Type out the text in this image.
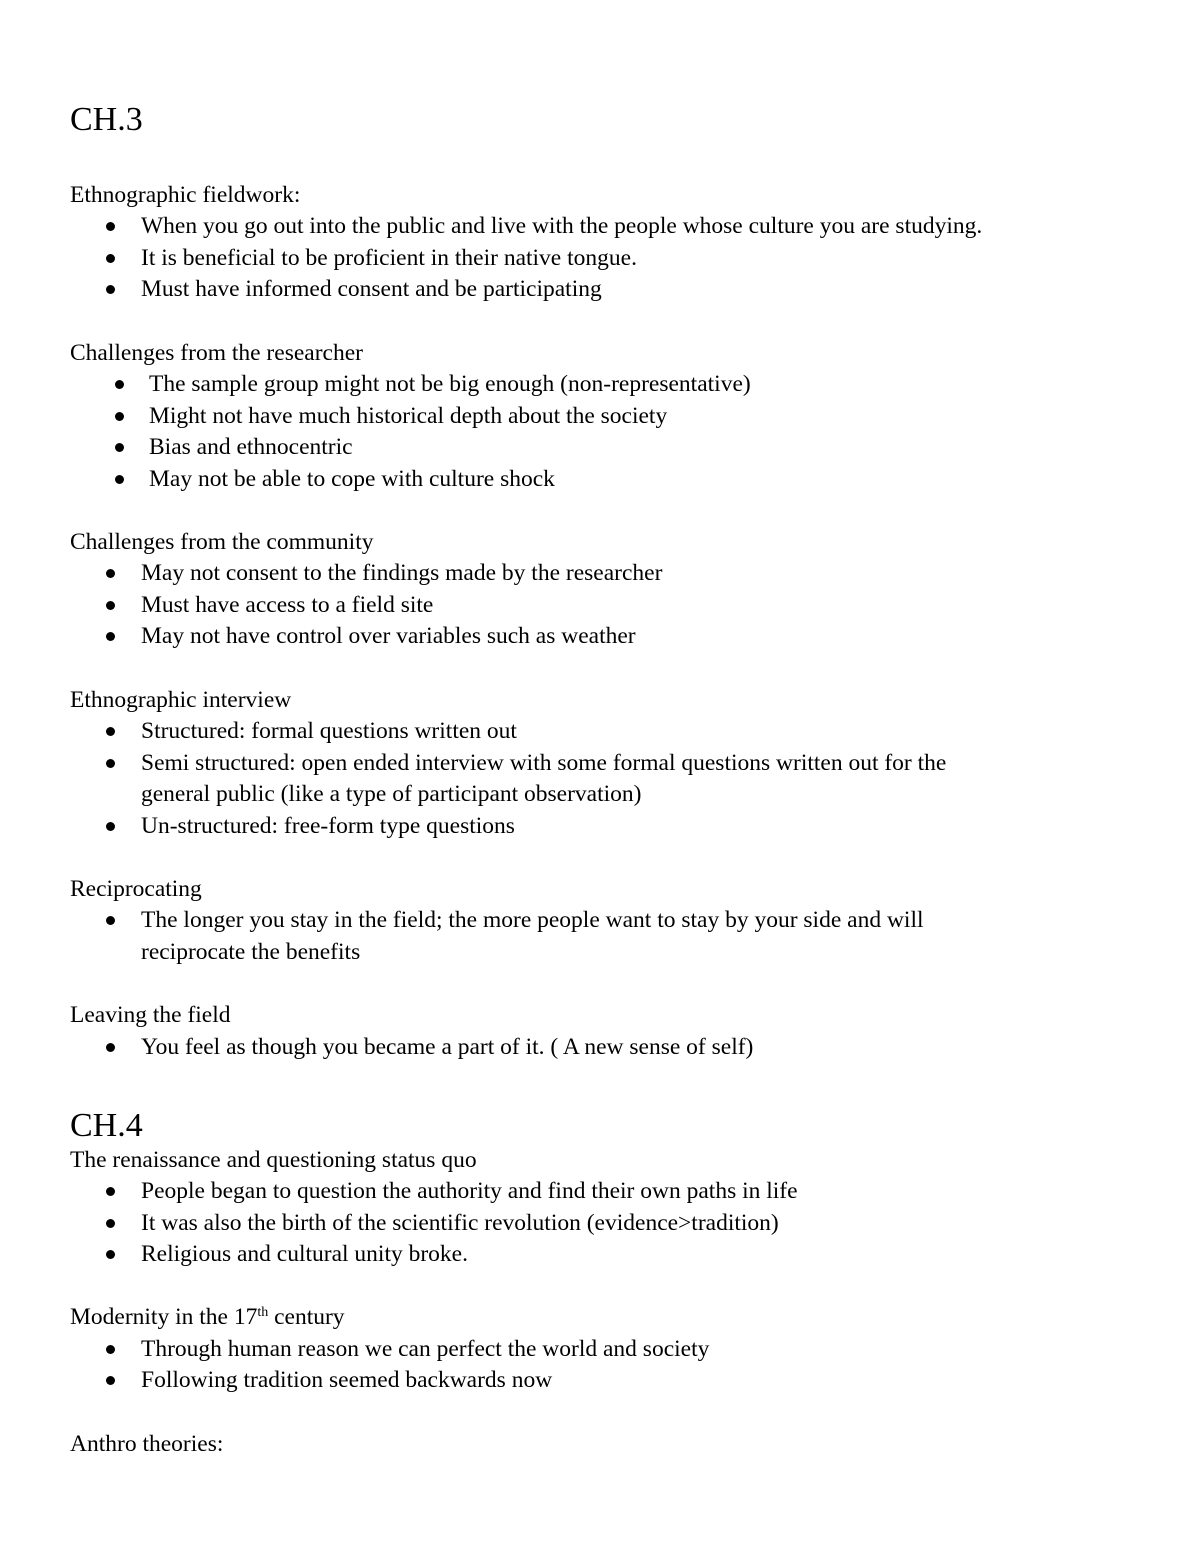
CH.3
Ethnographic fieldwork:
When you go out into the public and live with the people whose culture you are studying.
It is beneficial to be proficient in their native tongue.
Must have informed consent and be participating
Challenges from the researcher
The sample group might not be big enough (non-representative)
Might not have much historical depth about the society
Bias and ethnocentric
May not be able to cope with culture shock
Challenges from the community
May not consent to the findings made by the researcher
Must have access to a field site
May not have control over variables such as weather
Ethnographic interview
Structured: formal questions written out
Semi structured: open ended interview with some formal questions written out for the
general public (like a type of participant observation)
Un-structured: free-form type questions
Reciprocating
The longer you stay in the field; the more people want to stay by your side and will
reciprocate the benefits
Leaving the field
You feel as though you became a part of it. ( A new sense of self)
CH.4
The renaissance and questioning status quo
People began to question the authority and find their own paths in life
It was also the birth of the scientific revolution (evidence>tradition)
Religious and cultural unity broke.
Modernity in the 17th century
Through human reason we can perfect the world and society
Following tradition seemed backwards now
Anthro theories:
